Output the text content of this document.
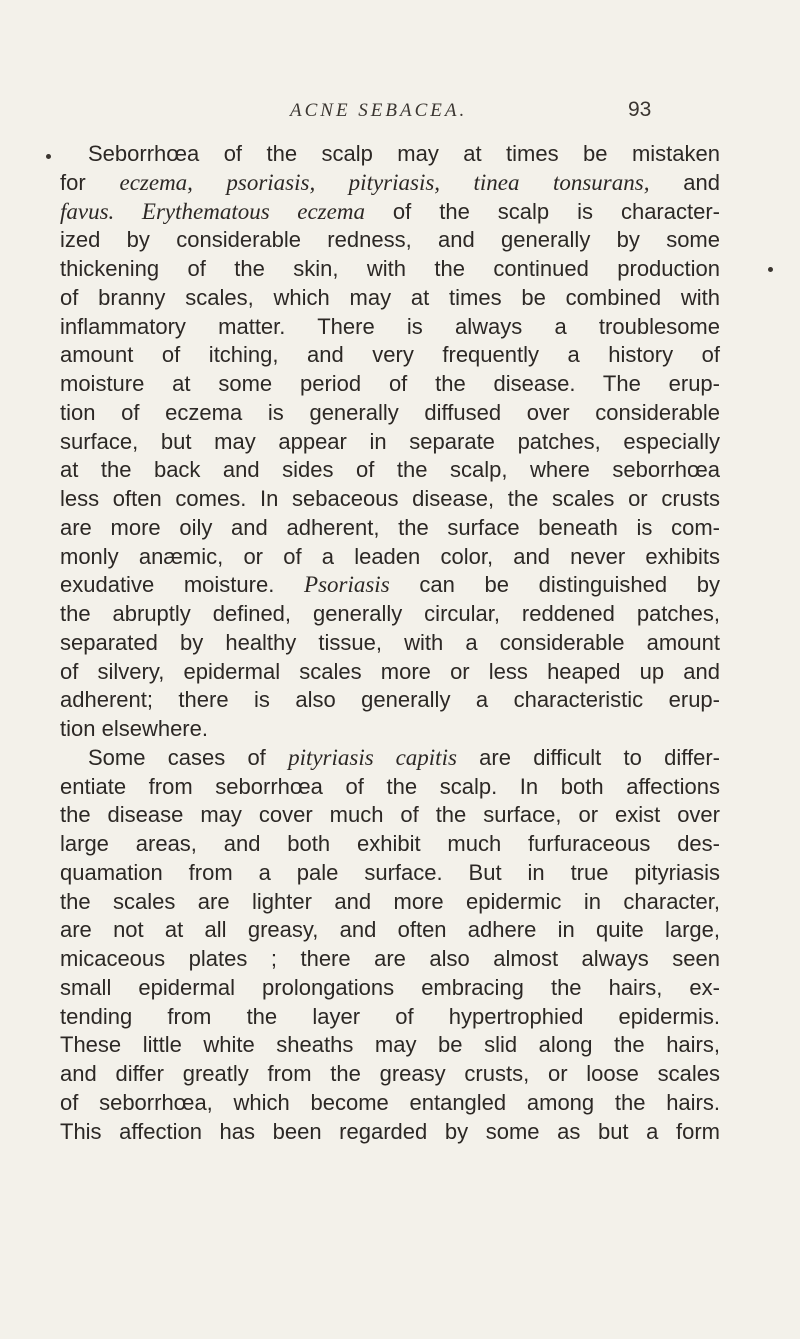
ACNE SEBACEA.	93
Seborrhœa of the scalp may at times be mistaken
for eczema, psoriasis, pityriasis, tinea tonsurans, and
favus. Erythematous eczema of the scalp is character-
ized by considerable redness, and generally by some
thickening of the skin, with the continued production
of branny scales, which may at times be combined with
inflammatory matter. There is always a troublesome
amount of itching, and very frequently a history of
moisture at some period of the disease. The erup-
tion of eczema is generally diffused over considerable
surface, but may appear in separate patches, especially
at the back and sides of the scalp, where seborrhœa
less often comes. In sebaceous disease, the scales or crusts
are more oily and adherent, the surface beneath is com-
monly anæmic, or of a leaden color, and never exhibits
exudative moisture. Psoriasis can be distinguished by
the abruptly defined, generally circular, reddened patches,
separated by healthy tissue, with a considerable amount
of silvery, epidermal scales more or less heaped up and
adherent; there is also generally a characteristic erup-
tion elsewhere.
Some cases of pityriasis capitis are difficult to differ-
entiate from seborrhœa of the scalp. In both affections
the disease may cover much of the surface, or exist over
large areas, and both exhibit much furfuraceous des-
quamation from a pale surface. But in true pityriasis
the scales are lighter and more epidermic in character,
are not at all greasy, and often adhere in quite large,
micaceous plates ; there are also almost always seen
small epidermal prolongations embracing the hairs, ex-
tending from the layer of hypertrophied epidermis.
These little white sheaths may be slid along the hairs,
and differ greatly from the greasy crusts, or loose scales
of seborrhœa, which become entangled among the hairs.
This affection has been regarded by some as but a form
